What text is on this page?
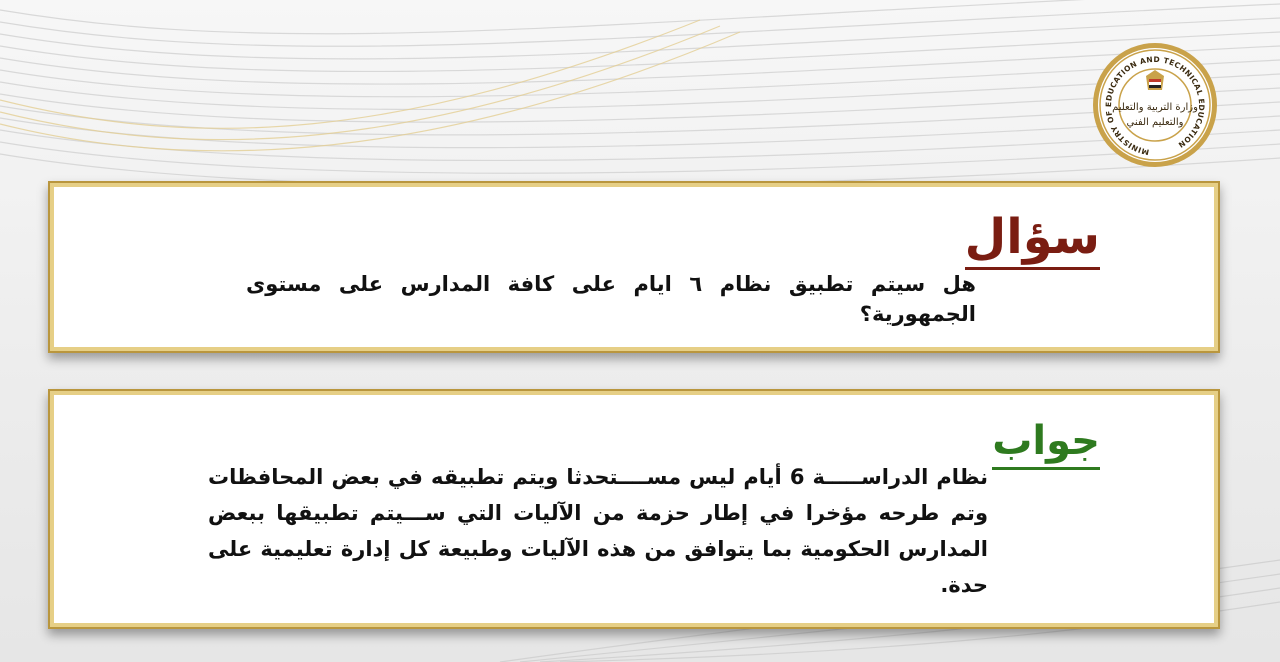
MINISTRY OF EDUCATION AND TECHNICAL EDUCATION
وزارة التربية والتعليم
والتعليم الفني
سؤال
هل سيتم تطبيق نظام ٦ ايام على كافة المدارس على مستوى الجمهورية؟
جواب
نظام الدراســـــة 6 أيام ليس مســــتحدثا ويتم تطبيقه في بعض المحافظات وتم طرحه مؤخرا في إطار حزمة من الآليات التي ســـيتم تطبيقها ببعض المدارس الحكومية بما يتوافق من هذه الآليات وطبيعة كل إدارة تعليمية على حدة.
